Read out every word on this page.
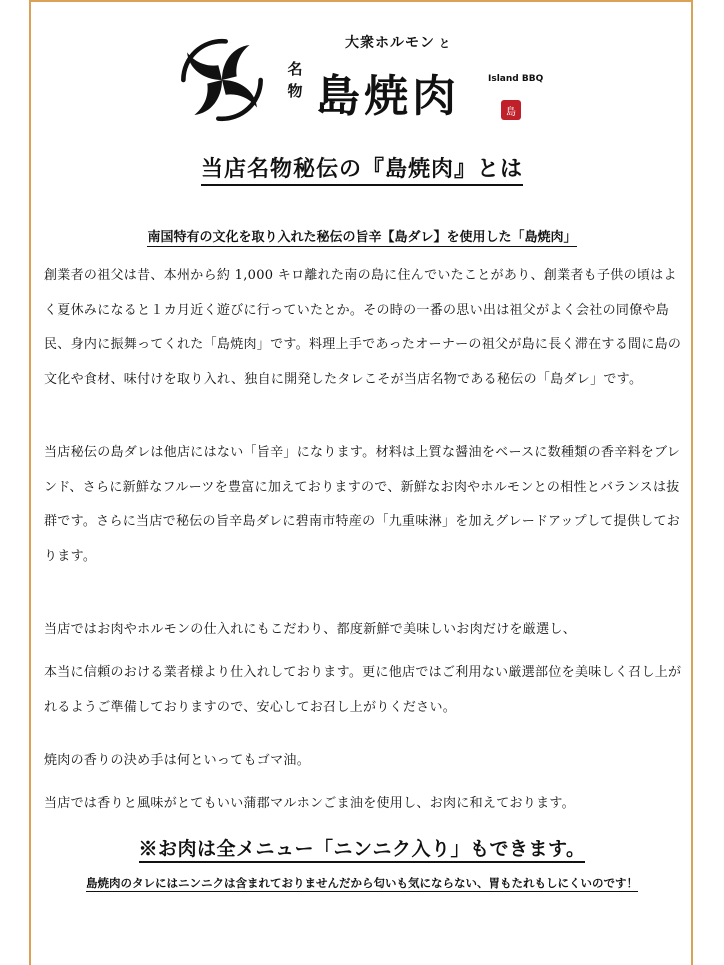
大衆ホルモン と
名物 島焼肉	Island BBQ
島
当店名物秘伝の『島焼肉』とは
南国特有の文化を取り入れた秘伝の旨辛【島ダレ】を使用した「島焼肉」

創業者の祖父は昔、本州から約 1,000 キロ離れた南の島に住んでいたことがあり、創業者も子供の頃はよく夏休みになると１カ月近く遊びに行っていたとか。その時の一番の思い出は祖父がよく会社の同僚や島民、身内に振舞ってくれた「島焼肉」です。料理上手であったオーナーの祖父が島に長く滞在する間に島の文化や食材、味付けを取り入れ、独自に開発したタレこそが当店名物である秘伝の「島ダレ」です。

当店秘伝の島ダレは他店にはない「旨辛」になります。材料は上質な醤油をベースに数種類の香辛料をブレンド、さらに新鮮なフルーツを豊富に加えておりますので、新鮮なお肉やホルモンとの相性とバランスは抜群です。さらに当店で秘伝の旨辛島ダレに碧南市特産の「九重味淋」を加えグレードアップして提供しております。

当店ではお肉やホルモンの仕入れにもこだわり、都度新鮮で美味しいお肉だけを厳選し、

本当に信頼のおける業者様より仕入れしております。更に他店ではご利用ない厳選部位を美味しく召し上がれるようご準備しておりますので、安心してお召し上がりください。

焼肉の香りの決め手は何といってもゴマ油。

当店では香りと風味がとてもいい蒲郡マルホンごま油を使用し、お肉に和えております。

※お肉は全メニュー「ニンニク入り」もできます。
島焼肉のタレにはニンニクは含まれておりませんだから匂いも気にならない、胃もたれもしにくいのです！
